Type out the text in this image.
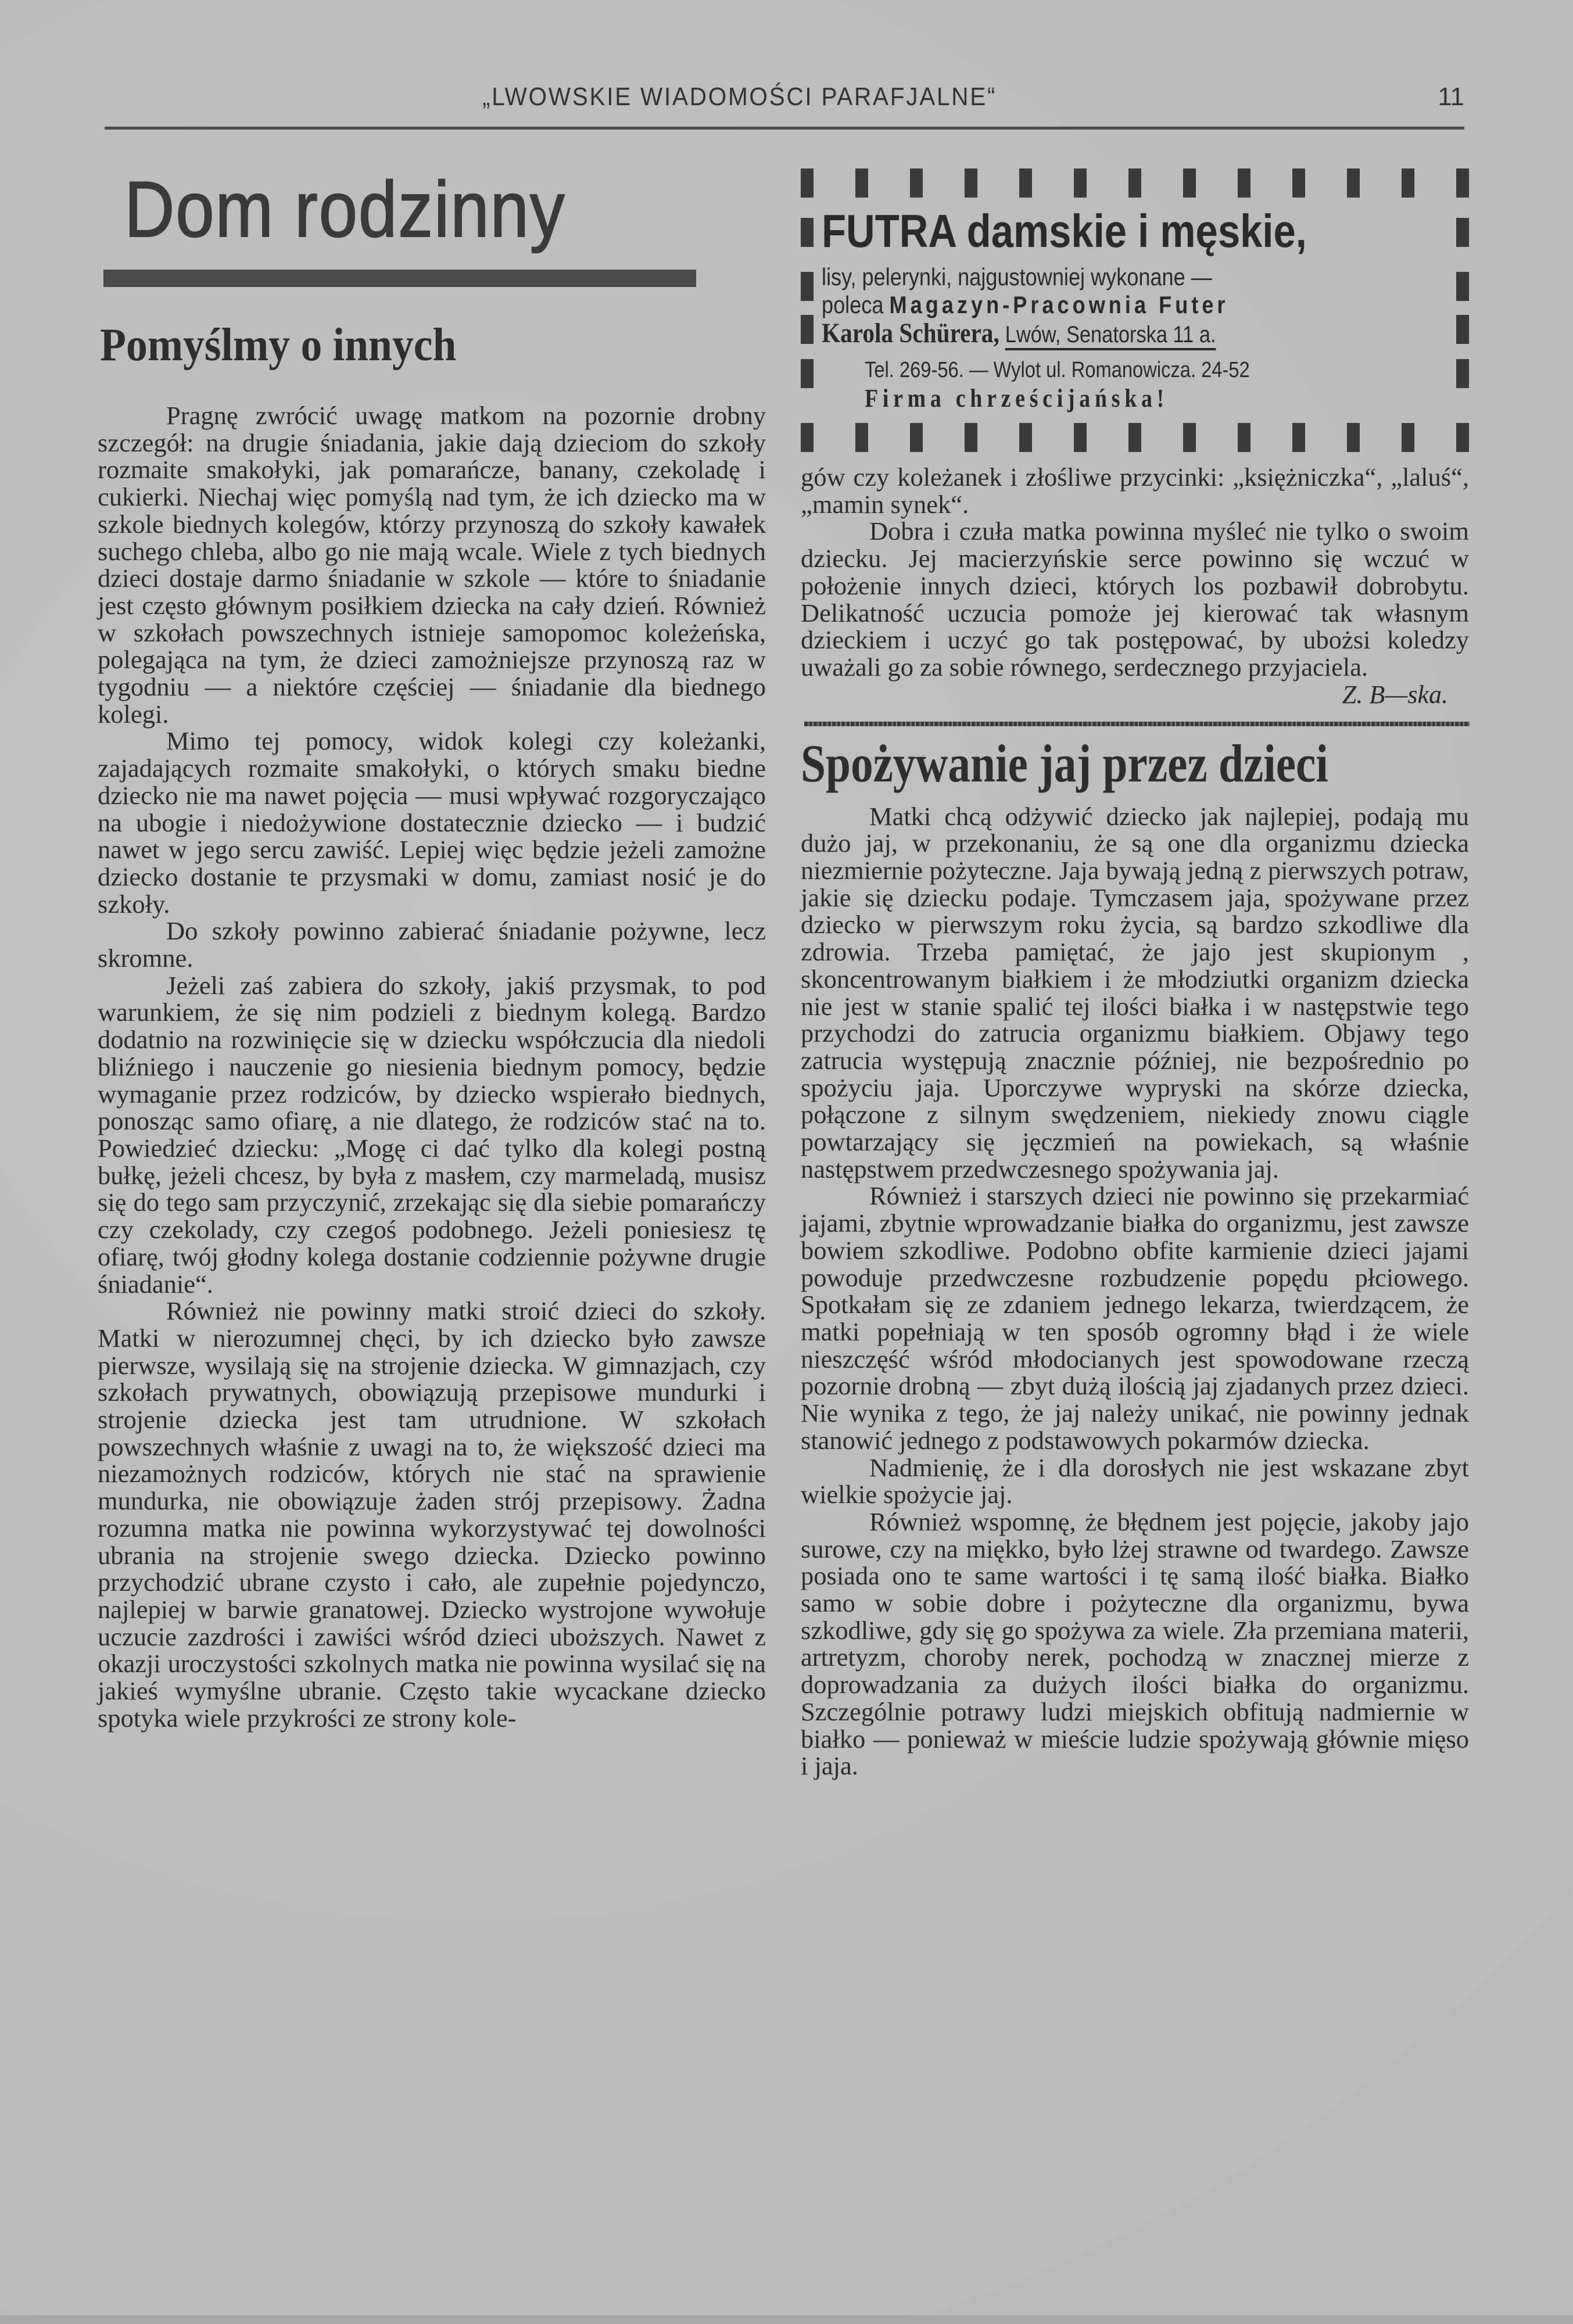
„LWOWSKIE WIADOMOŚCI PARAFJALNE“	11
Dom rodzinny
Pomyślmy o innych

Pragnę zwrócić uwagę matkom na pozornie drobny szczegół: na drugie śniadania, jakie dają dzieciom do szkoły rozmaite smakołyki, jak pomarańcze, banany, czekoladę i cukierki. Niechaj więc pomyślą nad tym, że ich dziecko ma w szkole biednych kolegów, którzy przynoszą do szkoły kawałek suchego chleba, albo go nie mają wcale. Wiele z tych biednych dzieci dostaje darmo śniadanie w szkole — które to śniadanie jest często głównym posiłkiem dziecka na cały dzień. Również w szkołach powszechnych istnieje samopomoc koleżeńska, polegająca na tym, że dzieci zamożniejsze przynoszą raz w tygodniu — a niektóre częściej — śniadanie dla biednego kolegi.

Mimo tej pomocy, widok kolegi czy koleżanki, zajadających rozmaite smakołyki, o których smaku biedne dziecko nie ma nawet pojęcia — musi wpływać rozgoryczająco na ubogie i niedożywione dostatecznie dziecko — i budzić nawet w jego sercu zawiść. Lepiej więc będzie jeżeli zamożne dziecko dostanie te przysmaki w domu, zamiast nosić je do szkoły.

Do szkoły powinno zabierać śniadanie pożywne, lecz skromne.

Jeżeli zaś zabiera do szkoły, jakiś przysmak, to pod warunkiem, że się nim podzieli z biednym kolegą. Bardzo dodatnio na rozwinięcie się w dziecku współczucia dla niedoli bliźniego i nauczenie go niesienia biednym pomocy, będzie wymaganie przez rodziców, by dziecko wspierało biednych, ponosząc samo ofiarę, a nie dlatego, że rodziców stać na to. Powiedzieć dziecku: „Mogę ci dać tylko dla kolegi postną bułkę, jeżeli chcesz, by była z masłem, czy marmeladą, musisz się do tego sam przyczynić, zrzekając się dla siebie pomarańczy czy czekolady, czy czegoś podobnego. Jeżeli poniesiesz tę ofiarę, twój głodny kolega dostanie codziennie pożywne drugie śniadanie“.

Również nie powinny matki stroić dzieci do szkoły. Matki w nierozumnej chęci, by ich dziecko było zawsze pierwsze, wysilają się na strojenie dziecka. W gimnazjach, czy szkołach prywatnych, obowiązują przepisowe mundurki i strojenie dziecka jest tam utrudnione. W szkołach powszechnych właśnie z uwagi na to, że większość dzieci ma niezamożnych rodziców, których nie stać na sprawienie mundurka, nie obowiązuje żaden strój przepisowy. Żadna rozumna matka nie powinna wykorzystywać tej dowolności ubrania na strojenie swego dziecka. Dziecko powinno przychodzić ubrane czysto i cało, ale zupełnie pojedynczo, najlepiej w barwie granatowej. Dziecko wystrojone wywołuje uczucie zazdrości i zawiści wśród dzieci uboższych. Nawet z okazji uroczystości szkolnych matka nie powinna wysilać się na jakieś wymyślne ubranie. Często takie wycackane dziecko spotyka wiele przykrości ze strony kole-

FUTRA damskie i męskie,
lisy, pelerynki, najgustowniej wykonane —
poleca Magazyn-Pracownia Futer
Karola Schürera, Lwów, Senatorska 11 a.
Tel. 269-56. — Wylot ul. Romanowicza. 24-52
Firma chrześcijańska!

gów czy koleżanek i złośliwe przycinki: „księżniczka“, „laluś“, „mamin synek“.

Dobra i czuła matka powinna myśleć nie tylko o swoim dziecku. Jej macierzyńskie serce powinno się wczuć w położenie innych dzieci, których los pozbawił dobrobytu. Delikatność uczucia pomoże jej kierować tak własnym dzieckiem i uczyć go tak postępować, by ubożsi koledzy uważali go za sobie równego, serdecznego przyjaciela.

Z. B—ska.
Spożywanie jaj przez dzieci

Matki chcą odżywić dziecko jak najlepiej, podają mu dużo jaj, w przekonaniu, że są one dla organizmu dziecka niezmiernie pożyteczne. Jaja bywają jedną z pierwszych potraw, jakie się dziecku podaje. Tymczasem jaja, spożywane przez dziecko w pierwszym roku życia, są bardzo szkodliwe dla zdrowia. Trzeba pamiętać, że jajo jest skupionym , skoncentrowanym białkiem i że młodziutki organizm dziecka nie jest w stanie spalić tej ilości białka i w następstwie tego przychodzi do zatrucia organizmu białkiem. Objawy tego zatrucia występują znacznie później, nie bezpośrednio po spożyciu jaja. Uporczywe wypryski na skórze dziecka, połączone z silnym swędzeniem, niekiedy znowu ciągle powtarzający się jęczmień na powiekach, są właśnie następstwem przedwczesnego spożywania jaj.

Również i starszych dzieci nie powinno się przekarmiać jajami, zbytnie wprowadzanie białka do organizmu, jest zawsze bowiem szkodliwe. Podobno obfite karmienie dzieci jajami powoduje przedwczesne rozbudzenie popędu płciowego. Spotkałam się ze zdaniem jednego lekarza, twierdzącem, że matki popełniają w ten sposób ogromny błąd i że wiele nieszczęść wśród młodocianych jest spowodowane rzeczą pozornie drobną — zbyt dużą ilością jaj zjadanych przez dzieci. Nie wynika z tego, że jaj należy unikać, nie powinny jednak stanowić jednego z podstawowych pokarmów dziecka.

Nadmienię, że i dla dorosłych nie jest wskazane zbyt wielkie spożycie jaj.

Również wspomnę, że błędnem jest pojęcie, jakoby jajo surowe, czy na miękko, było lżej strawne od twardego. Zawsze posiada ono te same wartości i tę samą ilość białka. Białko samo w sobie dobre i pożyteczne dla organizmu, bywa szkodliwe, gdy się go spożywa za wiele. Zła przemiana materii, artretyzm, choroby nerek, pochodzą w znacznej mierze z doprowadzania za dużych ilości białka do organizmu. Szczególnie potrawy ludzi miejskich obfitują nadmiernie w białko — ponieważ w mieście ludzie spożywają głównie mięso i jaja.
